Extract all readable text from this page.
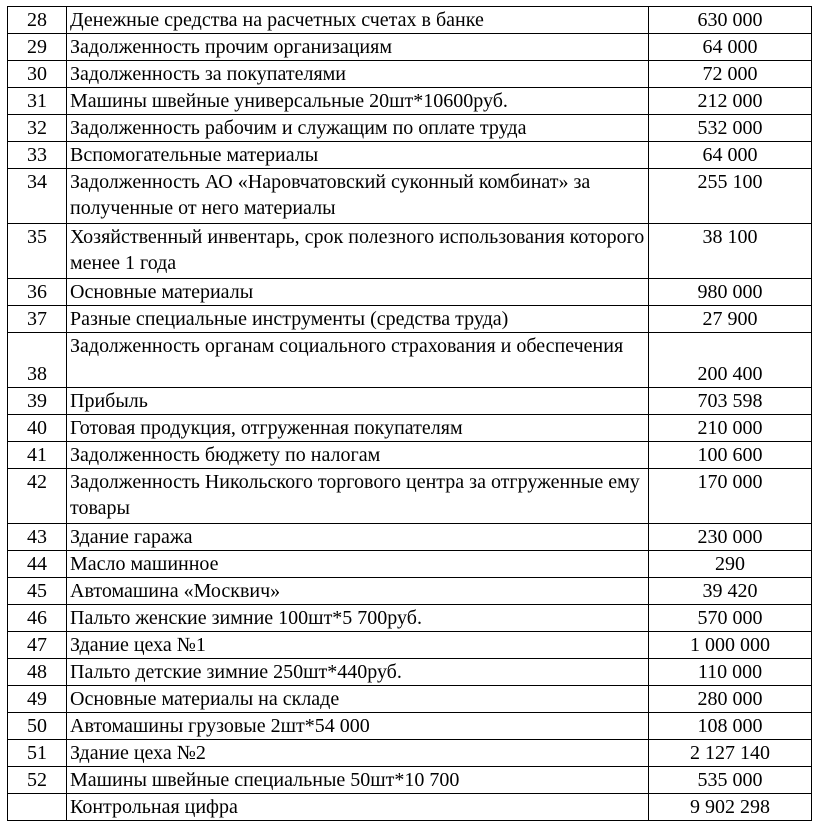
28	Денежные средства на расчетных счетах в банке	630 000
29	Задолженность прочим организациям	64 000
30	Задолженность за покупателями	72 000
31	Машины швейные универсальные 20шт*10600руб.	212 000
32	Задолженность рабочим и служащим по оплате труда	532 000
33	Вспомогательные материалы	64 000
34	Задолженность АО «Наровчатовский суконный комбинат» за полученные от него материалы	255 100
35	Хозяйственный инвентарь, срок полезного использования которого менее 1 года	38 100
36	Основные материалы	980 000
37	Разные специальные инструменты (средства труда)	27 900
38	Задолженность органам социального страхования и обеспечения	200 400
39	Прибыль	703 598
40	Готовая продукция, отгруженная покупателям	210 000
41	Задолженность бюджету по налогам	100 600
42	Задолженность Никольского торгового центра за отгруженные ему товары	170 000
43	Здание гаража	230 000
44	Масло машинное	290
45	Автомашина «Москвич»	39 420
46	Пальто женские зимние 100шт*5 700руб.	570 000
47	Здание цеха №1	1 000 000
48	Пальто детские зимние 250шт*440руб.	110 000
49	Основные материалы на складе	280 000
50	Автомашины грузовые 2шт*54 000	108 000
51	Здание цеха №2	2 127 140
52	Машины швейные специальные 50шт*10 700	535 000
	Контрольная цифра	9 902 298
